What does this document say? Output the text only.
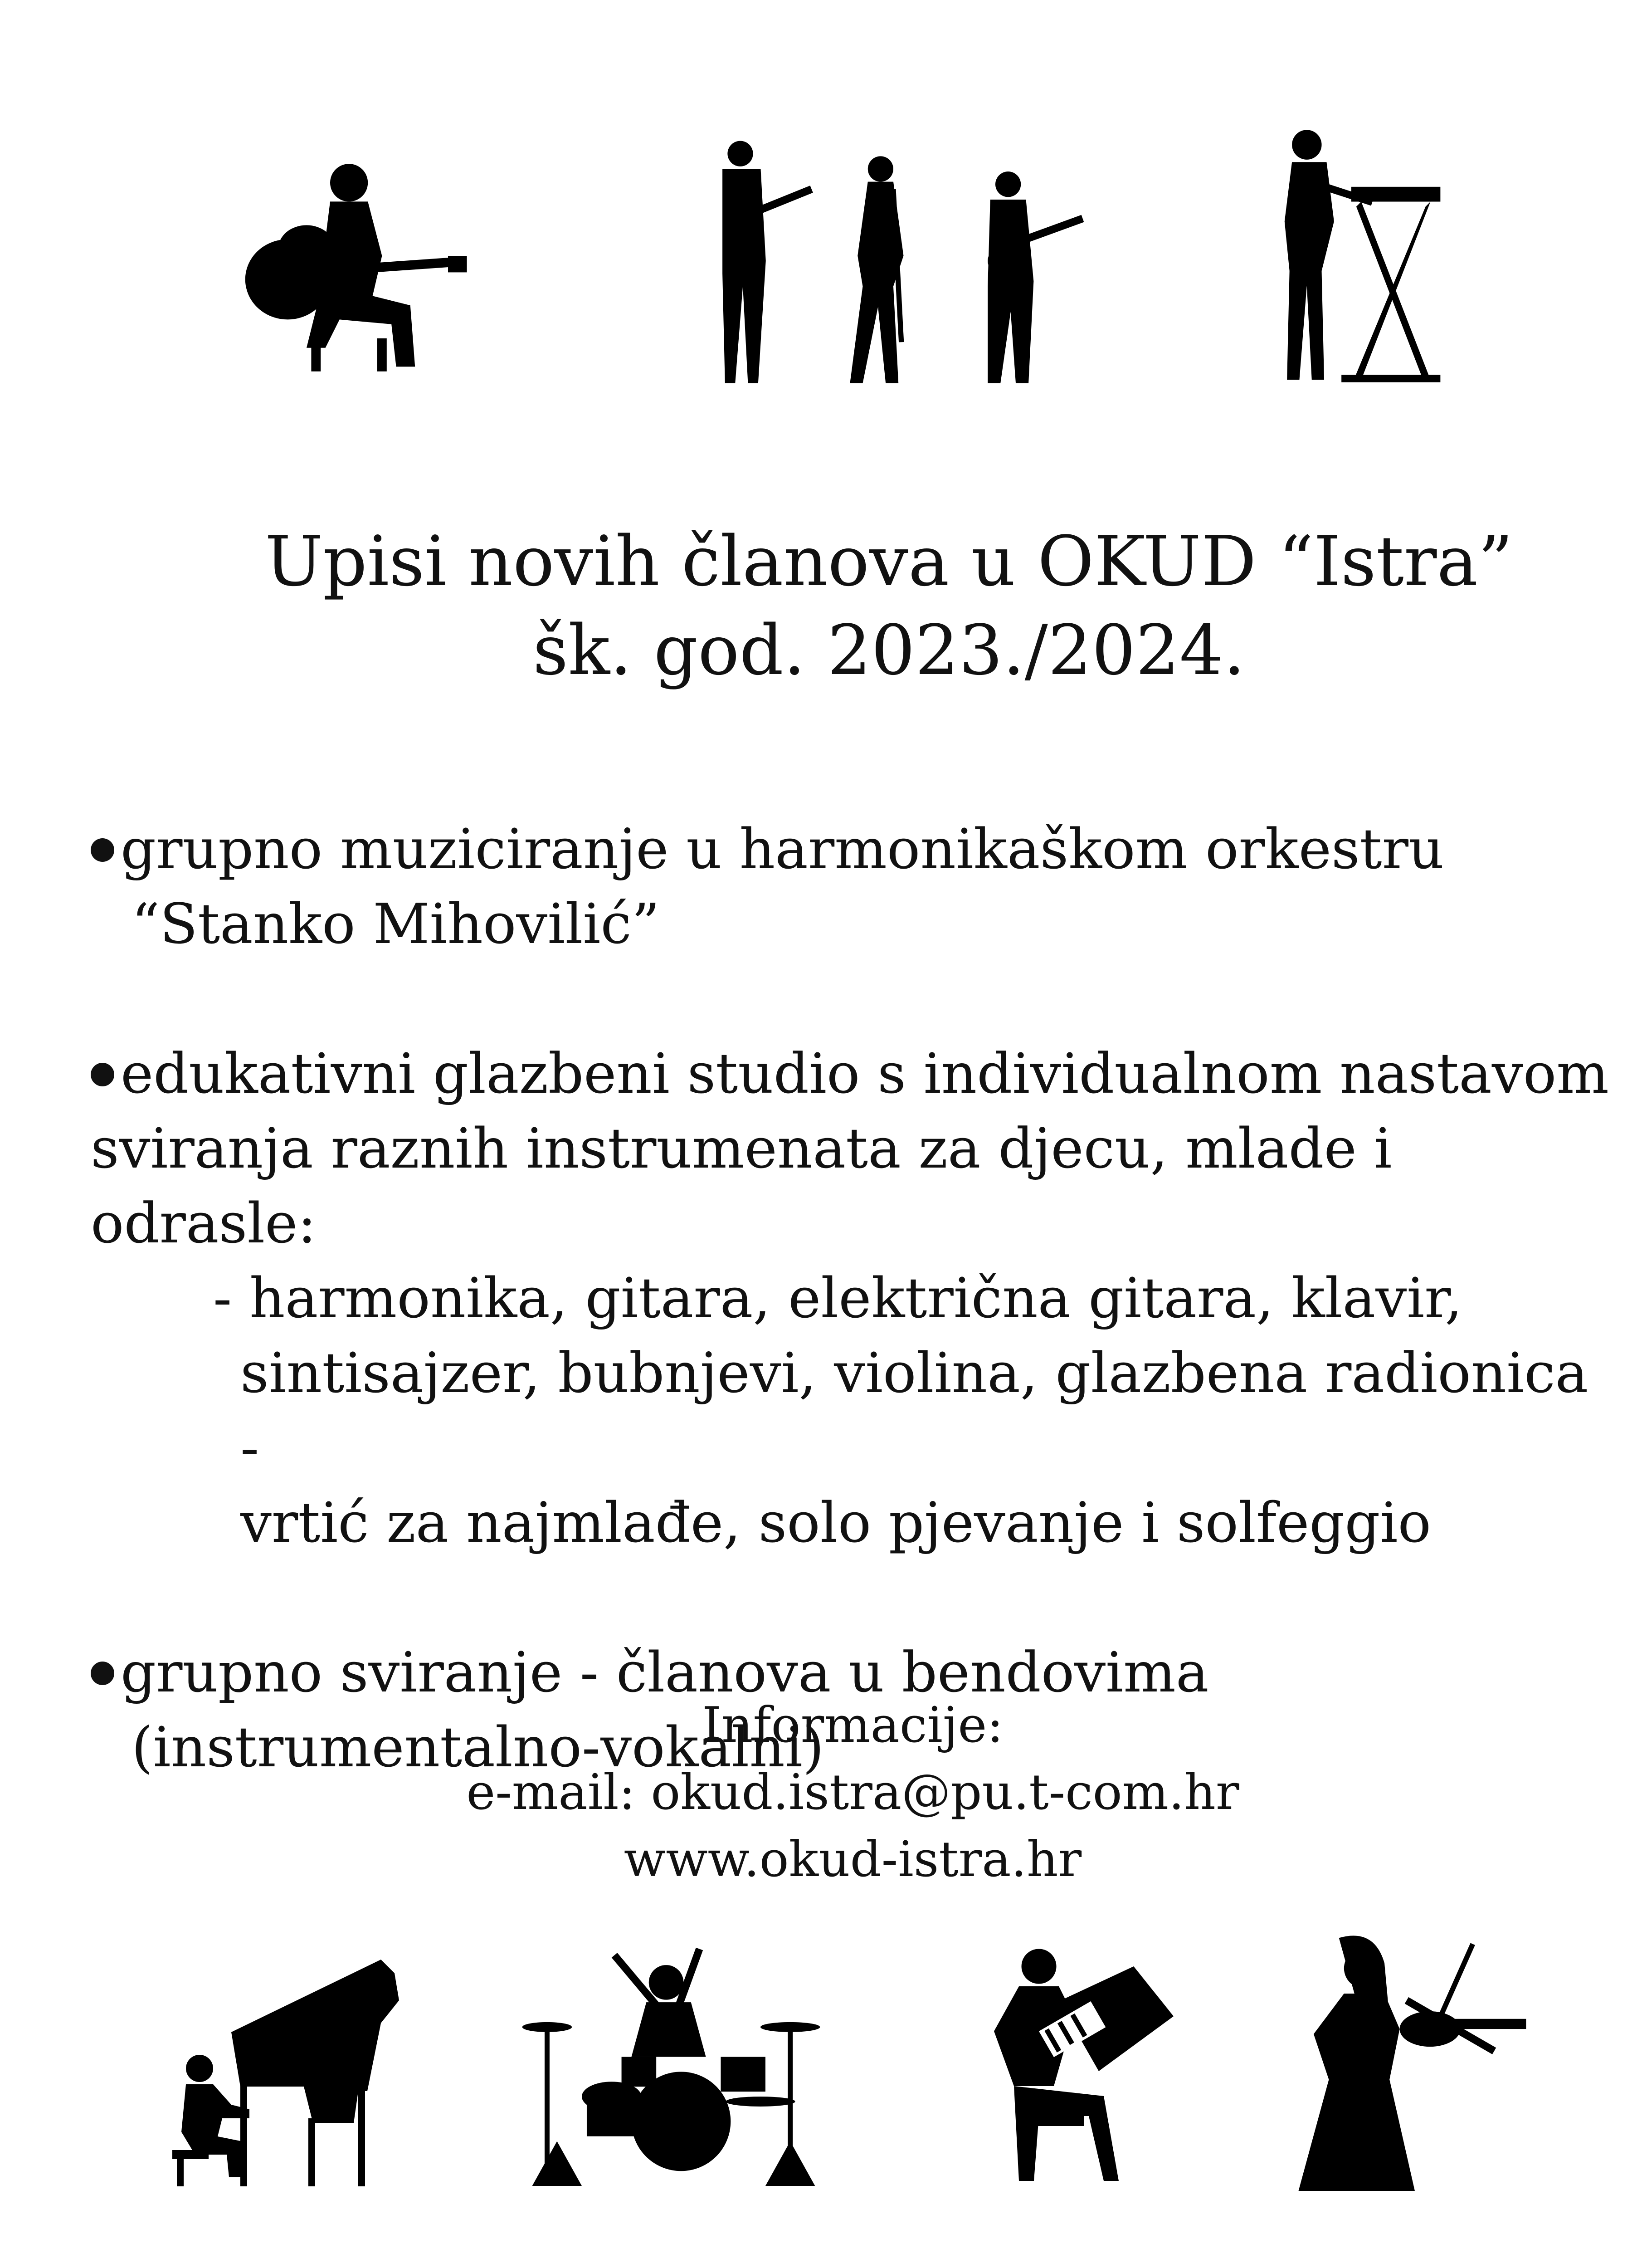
Upisi novih članova u OKUD “Istra”
šk. god. 2023./2024.
grupno muziciranje u harmonikaškom orkestru
“Stanko Mihovilić”
edukativni glazbeni studio s individualnom nastavom
sviranja raznih instrumenata za djecu, mlade i odrasle:
- harmonika, gitara, električna gitara, klavir,
sintisajzer, bubnjevi, violina, glazbena radionica -
vrtić za najmlađe, solo pjevanje i solfeggio
grupno sviranje - članova u bendovima
(instrumentalno-vokalni)
Informacije:
e-mail: okud.istra@pu.t-com.hr
www.okud-istra.hr
